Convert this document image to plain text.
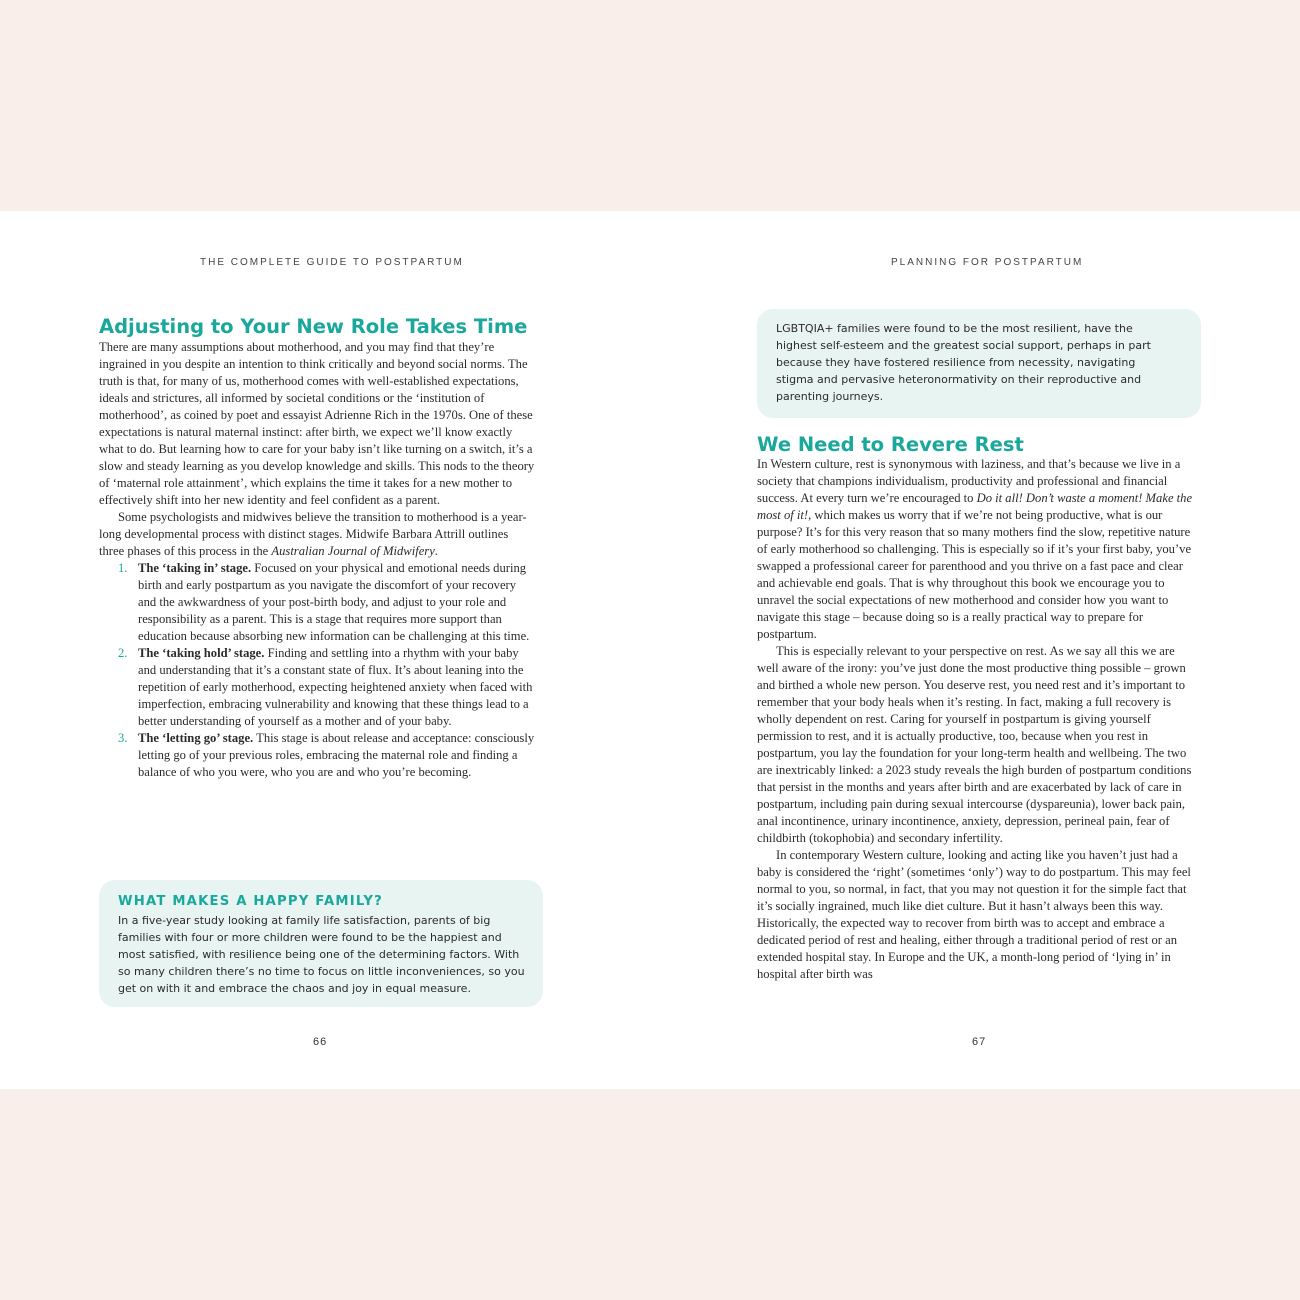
THE COMPLETE GUIDE TO POSTPARTUM
Adjusting to Your New Role Takes Time

There are many assumptions about motherhood, and you may find that they’re ingrained in you despite an intention to think critically and beyond social norms. The truth is that, for many of us, motherhood comes with well-established expectations, ideals and strictures, all informed by societal conditions or the ‘institution of motherhood’, as coined by poet and essayist Adrienne Rich in the 1970s. One of these expectations is natural maternal instinct: after birth, we expect we’ll know exactly what to do. But learning how to care for your baby isn’t like turning on a switch, it’s a slow and steady learning as you develop knowledge and skills. This nods to the theory of ‘maternal role attainment’, which explains the time it takes for a new mother to effectively shift into her new identity and feel confident as a parent.

Some psychologists and midwives believe the transition to motherhood is a year-long developmental process with distinct stages. Midwife Barbara Attrill outlines three phases of this process in the Australian Journal of Midwifery.

1. The ‘taking in’ stage. Focused on your physical and emotional needs during birth and early postpartum as you navigate the discomfort of your recovery and the awkwardness of your post-birth body, and adjust to your role and responsibility as a parent. This is a stage that requires more support than education because absorbing new information can be challenging at this time.
2. The ‘taking hold’ stage. Finding and settling into a rhythm with your baby and understanding that it’s a constant state of flux. It’s about leaning into the repetition of early motherhood, expecting heightened anxiety when faced with imperfection, embracing vulnerability and knowing that these things lead to a better understanding of yourself as a mother and of your baby.
3. The ‘letting go’ stage. This stage is about release and acceptance: consciously letting go of your previous roles, embracing the maternal role and finding a balance of who you were, who you are and who you’re becoming.
WHAT MAKES A HAPPY FAMILY?
In a five-year study looking at family life satisfaction, parents of big families with four or more children were found to be the happiest and most satisfied, with resilience being one of the determining factors. With so many children there’s no time to focus on little inconveniences, so you get on with it and embrace the chaos and joy in equal measure.
66
PLANNING FOR POSTPARTUM
LGBTQIA+ families were found to be the most resilient, have the highest self-esteem and the greatest social support, perhaps in part because they have fostered resilience from necessity, navigating stigma and pervasive heteronormativity on their reproductive and parenting journeys.
We Need to Revere Rest

In Western culture, rest is synonymous with laziness, and that’s because we live in a society that champions individualism, productivity and professional and financial success. At every turn we’re encouraged to Do it all! Don’t waste a moment! Make the most of it!, which makes us worry that if we’re not being productive, what is our purpose? It’s for this very reason that so many mothers find the slow, repetitive nature of early motherhood so challenging. This is especially so if it’s your first baby, you’ve swapped a professional career for parenthood and you thrive on a fast pace and clear and achievable end goals. That is why throughout this book we encourage you to unravel the social expectations of new motherhood and consider how you want to navigate this stage – because doing so is a really practical way to prepare for postpartum.

This is especially relevant to your perspective on rest. As we say all this we are well aware of the irony: you’ve just done the most productive thing possible – grown and birthed a whole new person. You deserve rest, you need rest and it’s important to remember that your body heals when it’s resting. In fact, making a full recovery is wholly dependent on rest. Caring for yourself in postpartum is giving yourself permission to rest, and it is actually productive, too, because when you rest in postpartum, you lay the foundation for your long-term health and wellbeing. The two are inextricably linked: a 2023 study reveals the high burden of postpartum conditions that persist in the months and years after birth and are exacerbated by lack of care in postpartum, including pain during sexual intercourse (dyspareunia), lower back pain, anal incontinence, urinary incontinence, anxiety, depression, perineal pain, fear of childbirth (tokophobia) and secondary infertility.

In contemporary Western culture, looking and acting like you haven’t just had a baby is considered the ‘right’ (sometimes ‘only’) way to do postpartum. This may feel normal to you, so normal, in fact, that you may not question it for the simple fact that it’s socially ingrained, much like diet culture. But it hasn’t always been this way. Historically, the expected way to recover from birth was to accept and embrace a dedicated period of rest and healing, either through a traditional period of rest or an extended hospital stay. In Europe and the UK, a month-long period of ‘lying in’ in hospital after birth was

67
